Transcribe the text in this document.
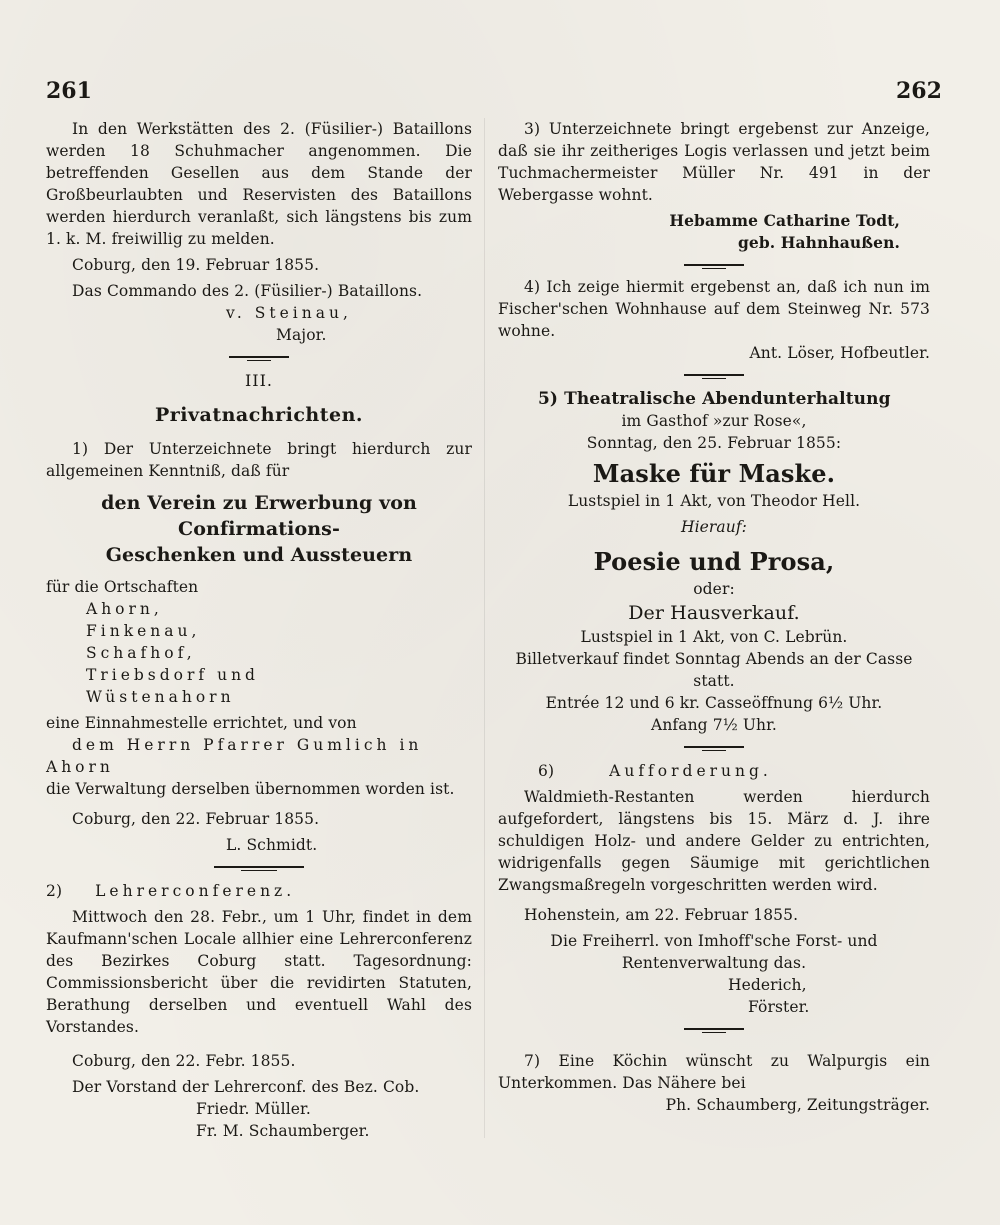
261	262

In den Werkstätten des 2. (Füsilier-) Bataillons werden 18 Schuhmacher angenommen. Die betreffenden Gesellen aus dem Stande der Großbeurlaubten und Reservisten des Bataillons werden hierdurch veranlaßt, sich längstens bis zum 1. k. M. freiwillig zu melden.

Coburg, den 19. Februar 1855.

Das Commando des 2. (Füsilier-) Bataillons.

v. Steinau,

Major.

III.

Privatnachrichten.

1) Der Unterzeichnete bringt hierdurch zur allgemeinen Kenntniß, daß für

den Verein zu Erwerbung von Confirmations-

Geschenken und Aussteuern

für die Ortschaften

Ahorn,

Finkenau,

Schafhof,

Triebsdorf und

Wüstenahorn

eine Einnahmestelle errichtet, und von

dem Herrn Pfarrer Gumlich in Ahorn

die Verwaltung derselben übernommen worden ist.

Coburg, den 22. Februar 1855.

L. Schmidt.

2) Lehrerconferenz.

Mittwoch den 28. Febr., um 1 Uhr, findet in dem Kaufmann'schen Locale allhier eine Lehrerconferenz des Bezirkes Coburg statt. Tagesordnung: Commissionsbericht über die revidirten Statuten, Berathung derselben und eventuell Wahl des Vorstandes.

Coburg, den 22. Febr. 1855.

Der Vorstand der Lehrerconf. des Bez. Cob.

Friedr. Müller.

Fr. M. Schaumberger.

3) Unterzeichnete bringt ergebenst zur Anzeige, daß sie ihr zeitheriges Logis verlassen und jetzt beim Tuchmachermeister Müller Nr. 491 in der Webergasse wohnt.

Hebamme Catharine Todt,

geb. Hahnhaußen.

4) Ich zeige hiermit ergebenst an, daß ich nun im Fischer'schen Wohnhause auf dem Steinweg Nr. 573 wohne.

Ant. Löser, Hofbeutler.

5) Theatralische Abendunterhaltung

im Gasthof »zur Rose«,

Sonntag, den 25. Februar 1855:

Maske für Maske.

Lustspiel in 1 Akt, von Theodor Hell.

Hierauf:

Poesie und Prosa,

oder:

Der Hausverkauf.

Lustspiel in 1 Akt, von C. Lebrün.

Billetverkauf findet Sonntag Abends an der Casse statt.

Entrée 12 und 6 kr. Casseöffnung 6½ Uhr.

Anfang 7½ Uhr.

6)	Aufforderung.

Waldmieth-Restanten werden hierdurch aufgefordert, längstens bis 15. März d. J. ihre schuldigen Holz- und andere Gelder zu entrichten, widrigenfalls gegen Säumige mit gerichtlichen Zwangsmaßregeln vorgeschritten werden wird.

Hohenstein, am 22. Februar 1855.

Die Freiherrl. von Imhoff'sche Forst- und Rentenverwaltung das.

Hederich,

Förster.

7) Eine Köchin wünscht zu Walpurgis ein Unterkommen. Das Nähere bei

Ph. Schaumberg, Zeitungsträger.
